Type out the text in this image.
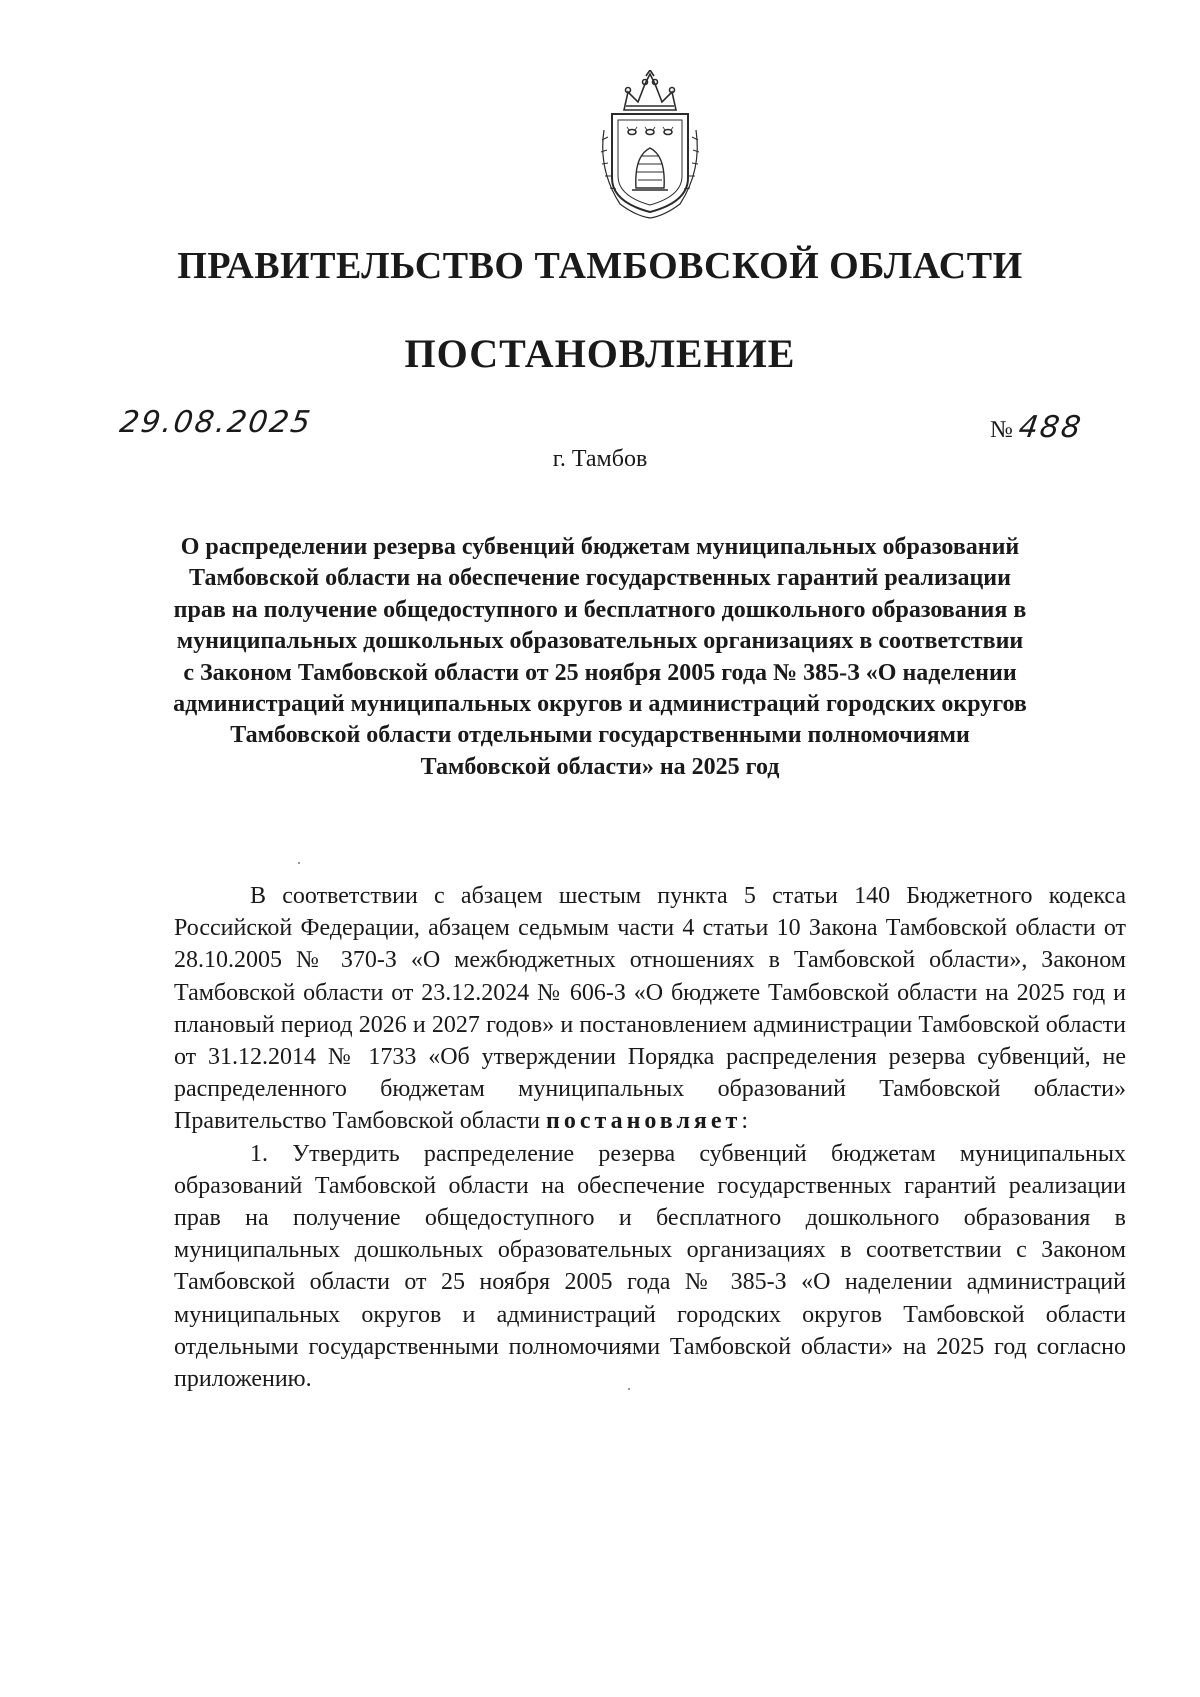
ПРАВИТЕЛЬСТВО ТАМБОВСКОЙ ОБЛАСТИ
ПОСТАНОВЛЕНИЕ
29.08.2025	№ 488
г. Тамбов
О распределении резерва субвенций бюджетам муниципальных образований Тамбовской области на обеспечение государственных гарантий реализации прав на получение общедоступного и бесплатного дошкольного образования в муниципальных дошкольных образовательных организациях в соответствии с Законом Тамбовской области от 25 ноября 2005 года № 385-З «О наделении администраций муниципальных округов и администраций городских округов Тамбовской области отдельными государственными полномочиями Тамбовской области» на 2025 год

В соответствии с абзацем шестым пункта 5 статьи 140 Бюджетного кодекса Российской Федерации, абзацем седьмым части 4 статьи 10 Закона Тамбовской области от 28.10.2005 № 370-З «О межбюджетных отношениях в Тамбовской области», Законом Тамбовской области от 23.12.2024 № 606-З «О бюджете Тамбовской области на 2025 год и плановый период 2026 и 2027 годов» и постановлением администрации Тамбовской области от 31.12.2014 № 1733 «Об утверждении Порядка распределения резерва субвенций, не распределенного бюджетам муниципальных образований Тамбовской области» Правительство Тамбовской области постановляет:

1. Утвердить распределение резерва субвенций бюджетам муниципальных образований Тамбовской области на обеспечение государственных гарантий реализации прав на получение общедоступного и бесплатного дошкольного образования в муниципальных дошкольных образовательных организациях в соответствии с Законом Тамбовской области от 25 ноября 2005 года № 385-З «О наделении администраций муниципальных округов и администраций городских округов Тамбовской области отдельными государственными полномочиями Тамбовской области» на 2025 год согласно приложению.
